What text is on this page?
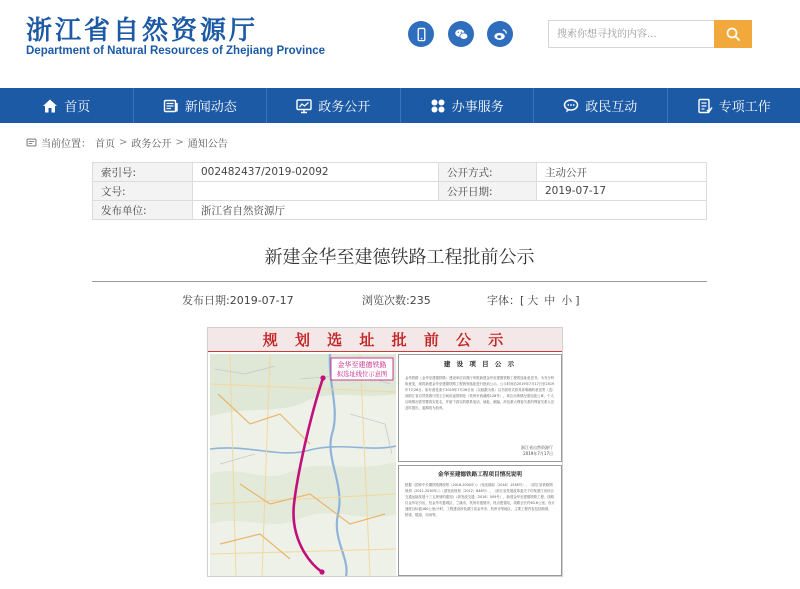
浙江省自然资源厅
Department of Natural Resources of Zhejiang Province
搜索你想寻找的内容...
首页	新闻动态	政务公开	办事服务	政民互动	专项工作
当前位置： 首页 > 政务公开 > 通知公告
索引号:	002482437/2019-02092	公开方式:	主动公开
文号:		公开日期:	2019-07-17
发布单位:	浙江省自然资源厅		
新建金华至建德铁路工程批前公示
发布日期:2019-07-17	浏览次数:235	字体：[ 大 中 小 ]
规 划 选 址 批 前 公 示
金华至建德铁路
拟选址线位示意图
建 设 项 目 公 示
金华铁路（金华至建德铁路）建设单位向我厅申报新建金华至建德铁路工程的选址意见书。为充分听取意见，现将新建金华至建德铁路工程规划选址进行批前公示。公示时间自2019年7月17日至2019年7月26日。如有意见请于2019年7月26日前（以邮戳为准）以书面形式将具体明确的意见寄（送）到浙江省自然资源厅国土空间用途管制处（杭州市西溪路128号），单位反映情况需加盖公章，个人反映情况需签署真实姓名，并留下真实的联系电话、地址、邮编，涉及重大利害关系的利害关系人应及时提出，逾期视为放弃。
浙江省自然资源厅
2019年7月17日
金华至建德铁路工程项目情况说明
根据《国家中长期铁路网规划（2016-2030年）》（发改基础〔2016〕1536号）、《浙江省铁路网规划（2011-2030年）》（浙发改规划〔2012〕846号）、《浙江省发展改革委关于印发浙江省综合交通运输发展十三五规划的通知》（浙发改交通〔2016〕509号），新建金华至建德铁路工程，线路自金华站引出，经金华市婺城区、兰溪市，杭州市建德市，终点建德站，线路全长约63.6公里。设计速度目标值160公里/小时，工程建设涉及浙江省金华市、杭州市等地区，主要工程内容包括路基、桥梁、隧道、站场等。
